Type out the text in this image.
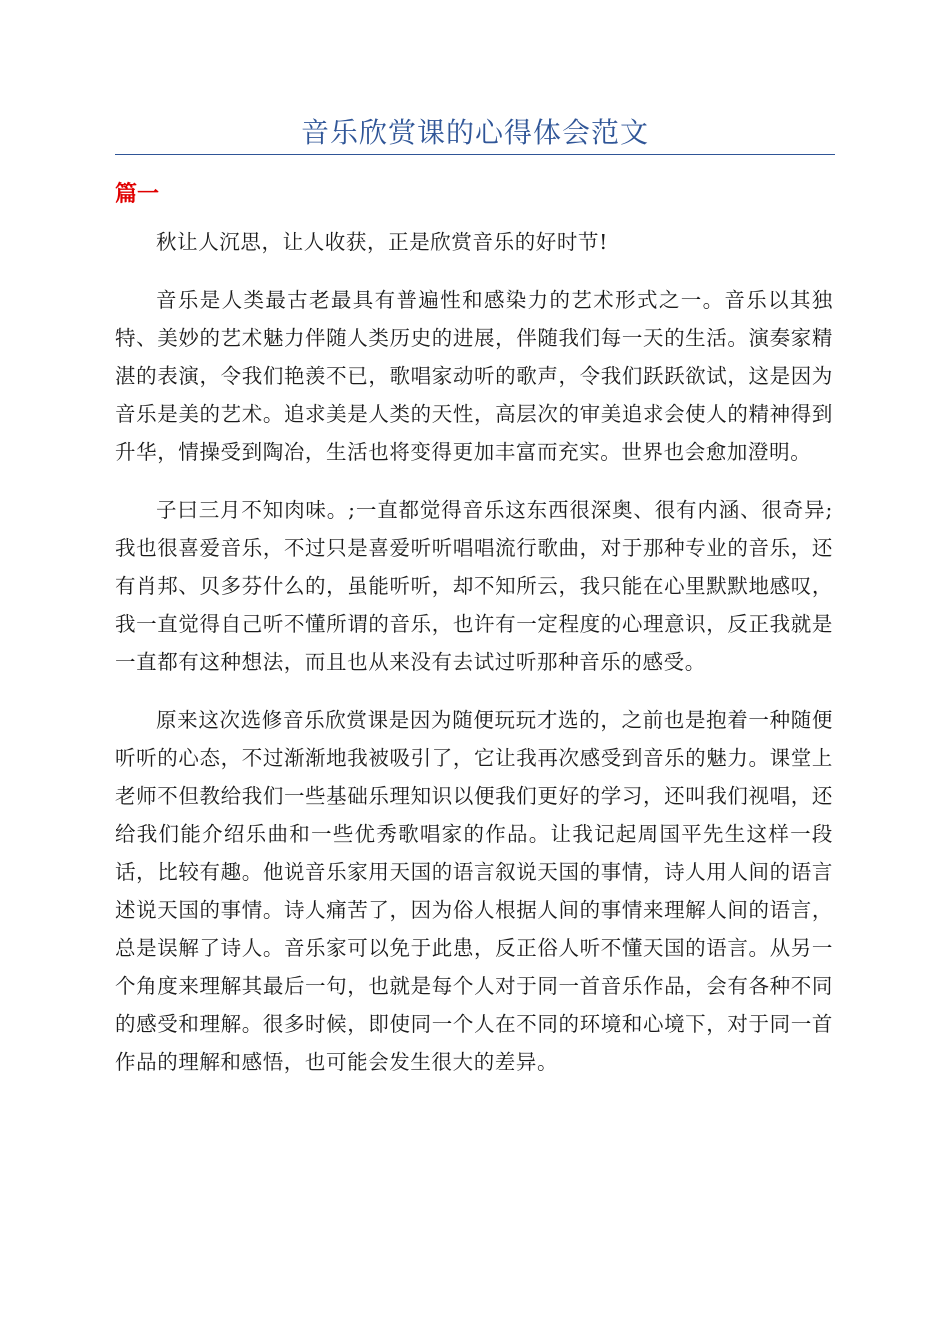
音乐欣赏课的心得体会范文
篇一

秋让人沉思，让人收获，正是欣赏音乐的好时节!

音乐是人类最古老最具有普遍性和感染力的艺术形式之一。音乐以其独特、美妙的艺术魅力伴随人类历史的进展，伴随我们每一天的生活。演奏家精湛的表演，令我们艳羡不已，歌唱家动听的歌声，令我们跃跃欲试，这是因为音乐是美的艺术。追求美是人类的天性，高层次的审美追求会使人的精神得到升华，情操受到陶冶，生活也将变得更加丰富而充实。世界也会愈加澄明。

子曰三月不知肉味。;一直都觉得音乐这东西很深奥、很有内涵、很奇异;我也很喜爱音乐，不过只是喜爱听听唱唱流行歌曲，对于那种专业的音乐，还有肖邦、贝多芬什么的，虽能听听，却不知所云，我只能在心里默默地感叹，我一直觉得自己听不懂所谓的音乐，也许有一定程度的心理意识，反正我就是一直都有这种想法，而且也从来没有去试过听那种音乐的感受。

原来这次选修音乐欣赏课是因为随便玩玩才选的，之前也是抱着一种随便听听的心态，不过渐渐地我被吸引了，它让我再次感受到音乐的魅力。课堂上老师不但教给我们一些基础乐理知识以便我们更好的学习，还叫我们视唱，还给我们能介绍乐曲和一些优秀歌唱家的作品。让我记起周国平先生这样一段话，比较有趣。他说音乐家用天国的语言叙说天国的事情，诗人用人间的语言述说天国的事情。诗人痛苦了，因为俗人根据人间的事情来理解人间的语言，总是误解了诗人。音乐家可以免于此患，反正俗人听不懂天国的语言。从另一个角度来理解其最后一句，也就是每个人对于同一首音乐作品，会有各种不同的感受和理解。很多时候，即使同一个人在不同的环境和心境下，对于同一首作品的理解和感悟，也可能会发生很大的差异。
